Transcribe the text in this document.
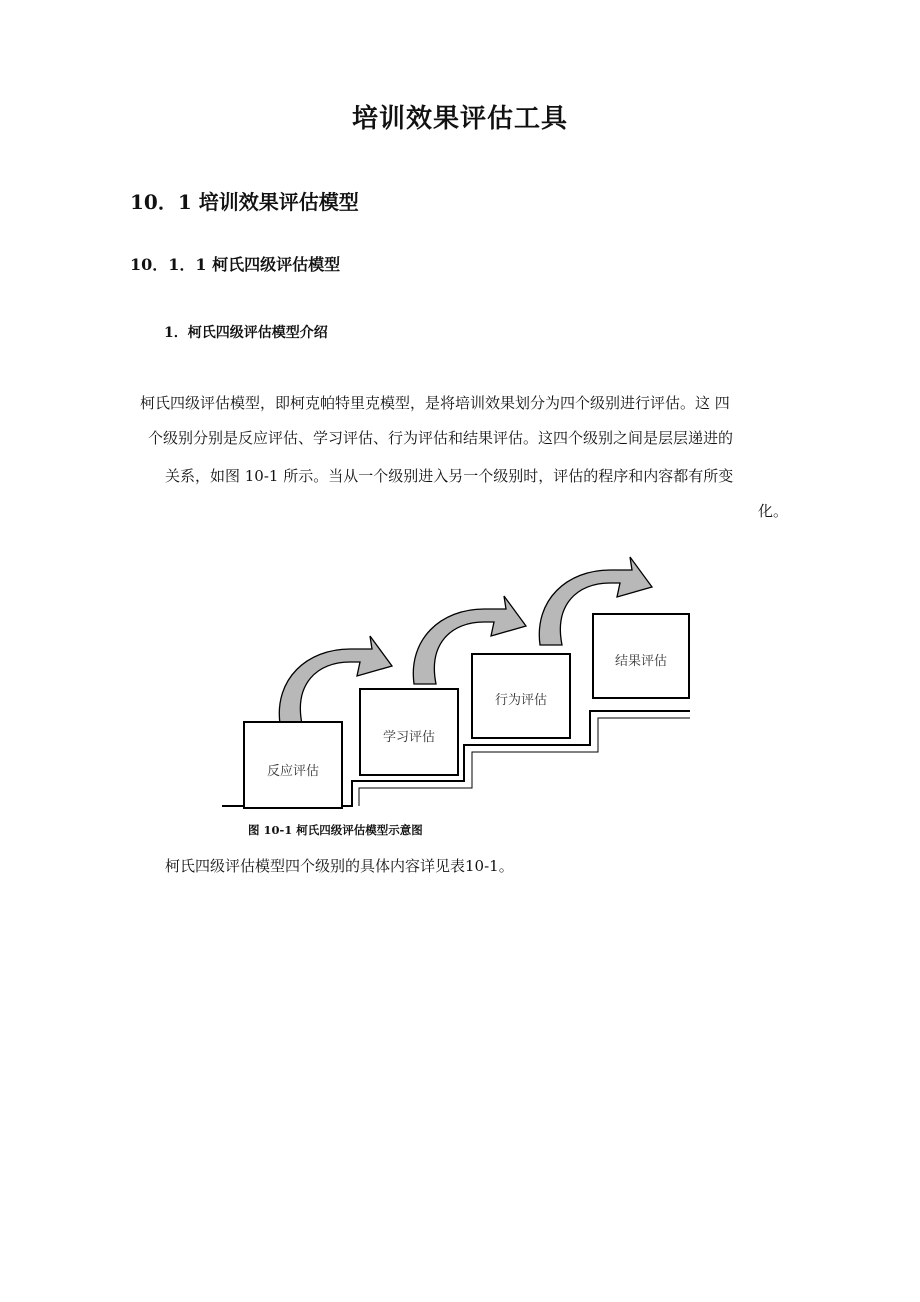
培训效果评估工具
10．1 培训效果评估模型
10．1．1 柯氏四级评估模型
1．柯氏四级评估模型介绍
柯氏四级评估模型，即柯克帕特里克模型，是将培训效果划分为四个级别进行评估。这 四
个级别分别是反应评估、学习评估、行为评估和结果评估。这四个级别之间是层层递进的
关系，如图 10-1 所示。当从一个级别进入另一个级别时，评估的程序和内容都有所变
化。
反应评估
学习评估
行为评估
结果评估
图 10-1 柯氏四级评估模型示意图
柯氏四级评估模型四个级别的具体内容详见表10-1。
